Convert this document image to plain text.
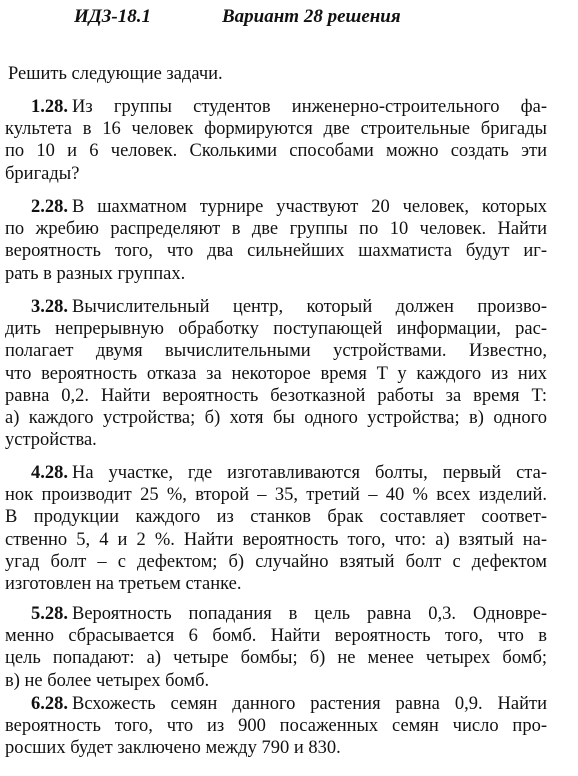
ИДЗ-18.1	Вариант 28 решения
Решить следующие задачи.
1.28. Из группы студентов инженерно-строительного фа-
культета в 16 человек формируются две строительные бригады
по 10 и 6 человек. Сколькими способами можно создать эти
бригады?
2.28. В шахматном турнире участвуют 20 человек, которых
по жребию распределяют в две группы по 10 человек. Найти
вероятность того, что два сильнейших шахматиста будут иг-
рать в разных группах.
3.28. Вычислительный центр, который должен произво-
дить непрерывную обработку поступающей информации, рас-
полагает двумя вычислительными устройствами. Известно,
что вероятность отказа за некоторое время T у каждого из них
равна 0,2. Найти вероятность безотказной работы за время T:
а) каждого устройства; б) хотя бы одного устройства; в) одного
устройства.
4.28. На участке, где изготавливаются болты, первый ста-
нок производит 25 %, второй – 35, третий – 40 % всех изделий.
В продукции каждого из станков брак составляет соответ-
ственно 5, 4 и 2 %. Найти вероятность того, что: а) взятый на-
угад болт – с дефектом; б) случайно взятый болт с дефектом
изготовлен на третьем станке.
5.28. Вероятность попадания в цель равна 0,3. Одновре-
менно сбрасывается 6 бомб. Найти вероятность того, что в
цель попадают: а) четыре бомбы; б) не менее четырех бомб;
в) не более четырех бомб.
6.28. Всхожесть семян данного растения равна 0,9. Найти
вероятность того, что из 900 посаженных семян число про-
росших будет заключено между 790 и 830.
